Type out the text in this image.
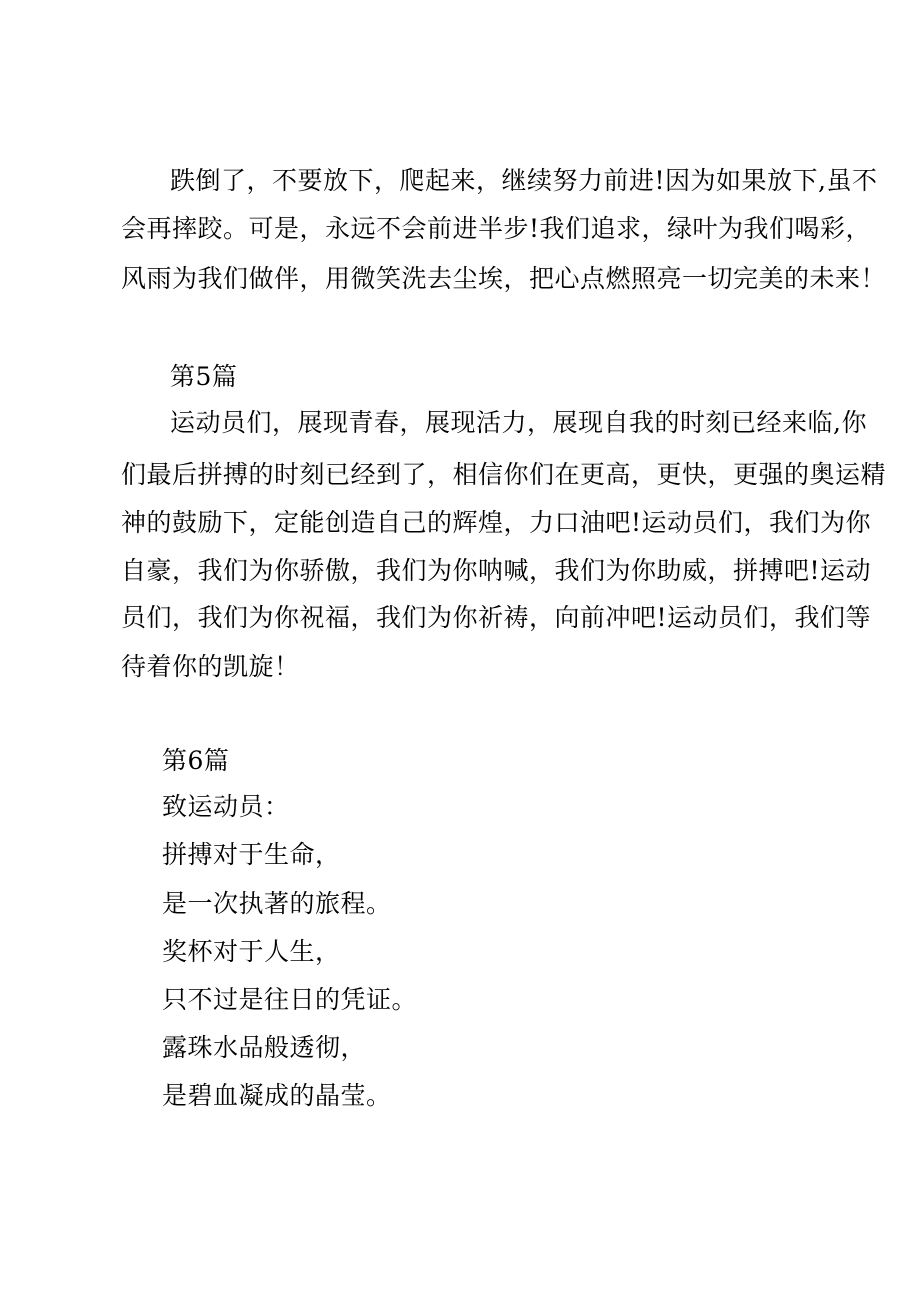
跌倒了，不要放下，爬起来，继续努力前进!因为如果放下,虽不
会再摔跤。可是，永远不会前进半步!我们追求，绿叶为我们喝彩，
风雨为我们做伴，用微笑洗去尘埃，把心点燃照亮一切完美的未来！
第5篇
运动员们，展现青春，展现活力，展现自我的时刻已经来临,你
们最后拼搏的时刻已经到了，相信你们在更高，更快，更强的奥运精
神的鼓励下，定能创造自己的辉煌，力口油吧!运动员们，我们为你
自豪，我们为你骄傲，我们为你呐喊，我们为你助威，拼搏吧!运动
员们，我们为你祝福，我们为你祈祷，向前冲吧!运动员们，我们等
待着你的凯旋！
第6篇
致运动员：
拼搏对于生命，
是一次执著的旅程。
奖杯对于人生，
只不过是往日的凭证。
露珠水品般透彻，
是碧血凝成的晶莹。
